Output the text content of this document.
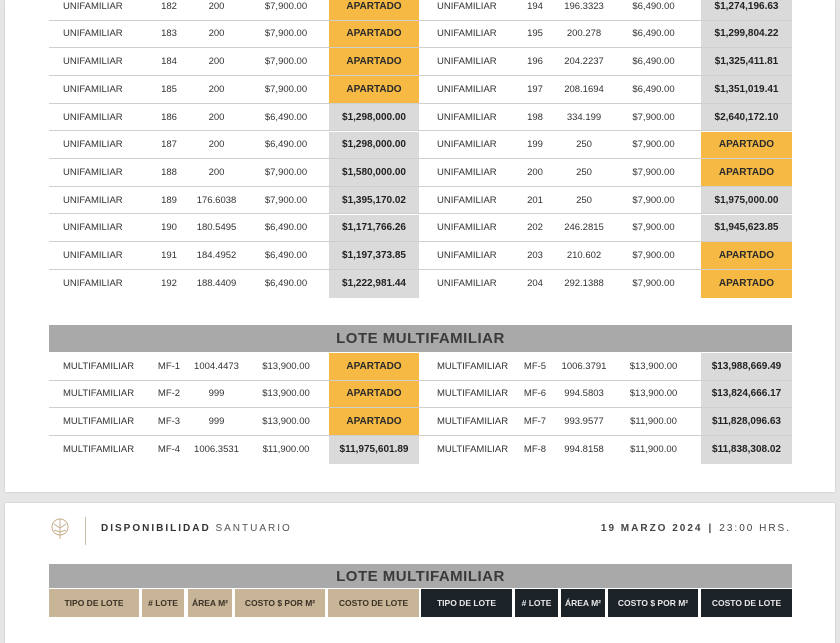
UNIFAMILIAR	182	200	$7,900.00	APARTADO	UNIFAMILIAR	194	196.3323	$6,490.00	$1,274,196.63
UNIFAMILIAR	183	200	$7,900.00	APARTADO	UNIFAMILIAR	195	200.278	$6,490.00	$1,299,804.22
UNIFAMILIAR	184	200	$7,900.00	APARTADO	UNIFAMILIAR	196	204.2237	$6,490.00	$1,325,411.81
UNIFAMILIAR	185	200	$7,900.00	APARTADO	UNIFAMILIAR	197	208.1694	$6,490.00	$1,351,019.41
UNIFAMILIAR	186	200	$6,490.00	$1,298,000.00	UNIFAMILIAR	198	334.199	$7,900.00	$2,640,172.10
UNIFAMILIAR	187	200	$6,490.00	$1,298,000.00	UNIFAMILIAR	199	250	$7,900.00	APARTADO
UNIFAMILIAR	188	200	$7,900.00	$1,580,000.00	UNIFAMILIAR	200	250	$7,900.00	APARTADO
UNIFAMILIAR	189	176.6038	$7,900.00	$1,395,170.02	UNIFAMILIAR	201	250	$7,900.00	$1,975,000.00
UNIFAMILIAR	190	180.5495	$6,490.00	$1,171,766.26	UNIFAMILIAR	202	246.2815	$7,900.00	$1,945,623.85
UNIFAMILIAR	191	184.4952	$6,490.00	$1,197,373.85	UNIFAMILIAR	203	210.602	$7,900.00	APARTADO
UNIFAMILIAR	192	188.4409	$6,490.00	$1,222,981.44	UNIFAMILIAR	204	292.1388	$7,900.00	APARTADO
LOTE MULTIFAMILIAR
MULTIFAMILIAR	MF-1	1004.4473	$13,900.00	APARTADO	MULTIFAMILIAR	MF-5	1006.3791	$13,900.00	$13,988,669.49
MULTIFAMILIAR	MF-2	999	$13,900.00	APARTADO	MULTIFAMILIAR	MF-6	994.5803	$13,900.00	$13,824,666.17
MULTIFAMILIAR	MF-3	999	$13,900.00	APARTADO	MULTIFAMILIAR	MF-7	993.9577	$11,900.00	$11,828,096.63
MULTIFAMILIAR	MF-4	1006.3531	$11,900.00	$11,975,601.89	MULTIFAMILIAR	MF-8	994.8158	$11,900.00	$11,838,308.02
DISPONIBILIDAD
SANTUARIO	19 MARZO 2024 | 23:00 HRS.
LOTE MULTIFAMILIAR
TIPO DE LOTE	# LOTE	ÁREA M²	COSTO $ POR M²	COSTO DE LOTE	TIPO DE LOTE	# LOTE	ÁREA M²	COSTO $ POR M²	COSTO DE LOTE
